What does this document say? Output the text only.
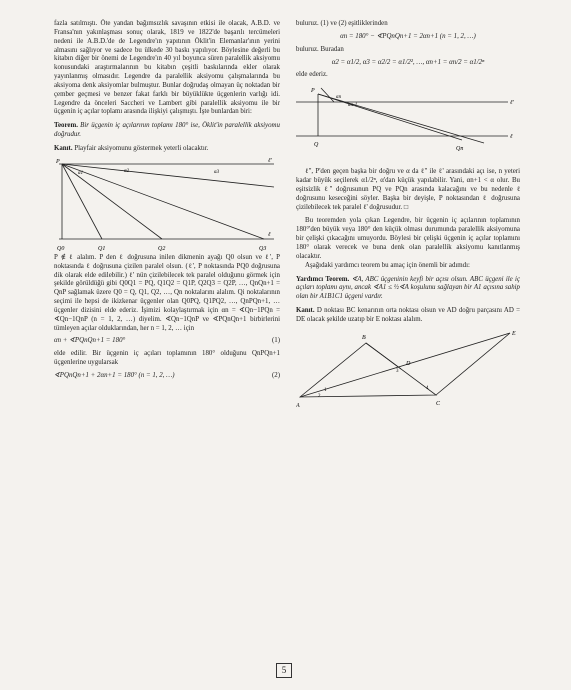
fazla satılmıştı. Öte yandan bağımsızlık savaşının etkisi ile olacak, A.B.D. ve Fransa'nın yakınlaşması sonuç olarak, 1819 ve 1822'de başarılı tercümeleri nedeni ile A.B.D.'de de Legendre'ın yapıtının Öklit'in Elemanlar'ının yerini almasını sağlıyor ve sadece bu ülkede 30 baskı yapılıyor. Böylesine değerli bu kitabın diğer bir önemi de Legendre'ın 40 yıl boyunca süren paralellik aksiyomu konusundaki araştırmalarının bu kitabın çeşitli baskılarında ekler olarak yayınlanmış olmasıdır. Legendre da paralellik aksiyomu çalışmalarında bu aksiyoma denk aksiyomlar bulmuştur. Bunlar doğrudaş olmayan üç noktadan bir çember geçmesi ve benzer fakat farklı bir büyüklükte üçgenlerin varlığı idi. Legendre da önceleri Saccheri ve Lambert gibi paralellik aksiyomu ile bir üçgenin iç açılar toplamı arasında ilişkiyi çalışmıştı. İşte bunlardan biri:

Teorem. Bir üçgenin iç açılarının toplamı 180° ise, Öklit'in paralellik aksiyomu doğrudur.

Kanıt. Playfair aksiyomunu göstermek yeterli olacaktır.

P
Q0	Q1	Q2	Q3
ℓ
ℓ'
α1	α2	α3

P ∉ ℓ alalım. P den ℓ doğrusuna inilen dikmenin ayağı Q0 olsun ve ℓ', P noktasında ℓ doğrusuna çizilen paralel olsun. (ℓ', P noktasında PQ0 doğrusuna dik olarak elde edilebilir.) ℓ' nün çizilebilecek tek paralel olduğunu görmek için şekilde görüldüğü gibi Q0Q1 = PQ, Q1Q2 = Q1P, Q2Q3 = Q2P, …, QnQn+1 = QnP sağlamak üzere Q0 = Q, Q1, Q2, …, Qn noktalarını alalım. Qi noktalarının seçimi ile hepsi de ikizkenar üçgenler olan Q0PQ, Q1PQ2, …, QnPQn+1, … üçgenler dizisini elde ederiz. İşimizi kolaylaştırmak için αn = ∢Qn−1PQn = ∢Qn−1QnP (n = 1, 2, …) diyelim. ∢Qn−1QnP ve ∢PQnQn+1 birbirlerini tümleyen açılar olduklarından, her n = 1, 2, … için

αn + ∢PQnQn+1 = 180°	(1)

elde edilir. Bir üçgenin iç açıları toplamının 180° olduğunu QnPQn+1 üçgenlerine uygularsak

∢PQnQn+1 + 2αn+1 = 180° (n = 1, 2, …)	(2)

buluruz. (1) ve (2) eşitliklerinden

αn = 180° − ∢PQnQn+1 = 2αn+1 (n = 1, 2, …)

buluruz. Buradan

α2 = α1/2, α3 = α2/2 = α1/2², …, αn+1 = αn/2 = α1/2ⁿ

elde ederiz.

P
Q
Qn
ℓ'
ℓ
αn
αn-1

ℓ'', P'den geçen başka bir doğru ve α da ℓ'' ile ℓ' arasındaki açı ise, n yeteri kadar büyük seçilerek α1/2ⁿ, α'dan küçük yapılabilir. Yani, αn+1 < α olur. Bu eşitsizlik ℓ'' doğrusunun PQ ve PQn arasında kalacağını ve bu nedenle ℓ doğrusunu keseceğini söyler. Başka bir deyişle, P noktasından ℓ doğrusuna çizilebilecek tek paralel ℓ' doğrusudur. □

Bu teoremden yola çıkan Legendre, bir üçgenin iç açılarının toplamının 180°'den büyük veya 180° den küçük olması durumunda paralellik aksiyomuna bir çelişki çıkacağını umuyordu. Böylesi bir çelişki üçgenin iç açılar toplamını 180° olarak verecek ve buna denk olan paralellik aksiyomu kanıtlanmış olacaktır.

Aşağıdaki yardımcı teorem bu amaç için önemli bir adımdı:

Yardımcı Teorem. ∢A, ABC üçgeninin keyfi bir açısı olsun. ABC üçgeni ile iç açıları toplamı aynı, ancak ∢A1 ≤ ½∢A koşulunu sağlayan bir A1 açısına sahip olan bir A1B1C1 üçgeni vardır.

Kanıt. D noktası BC kenarının orta noktası olsun ve AD doğru parçasını AD = DE olacak şekilde uzatıp bir E noktası alalım.

A
B
C
D
E
1
2
3
4
5
